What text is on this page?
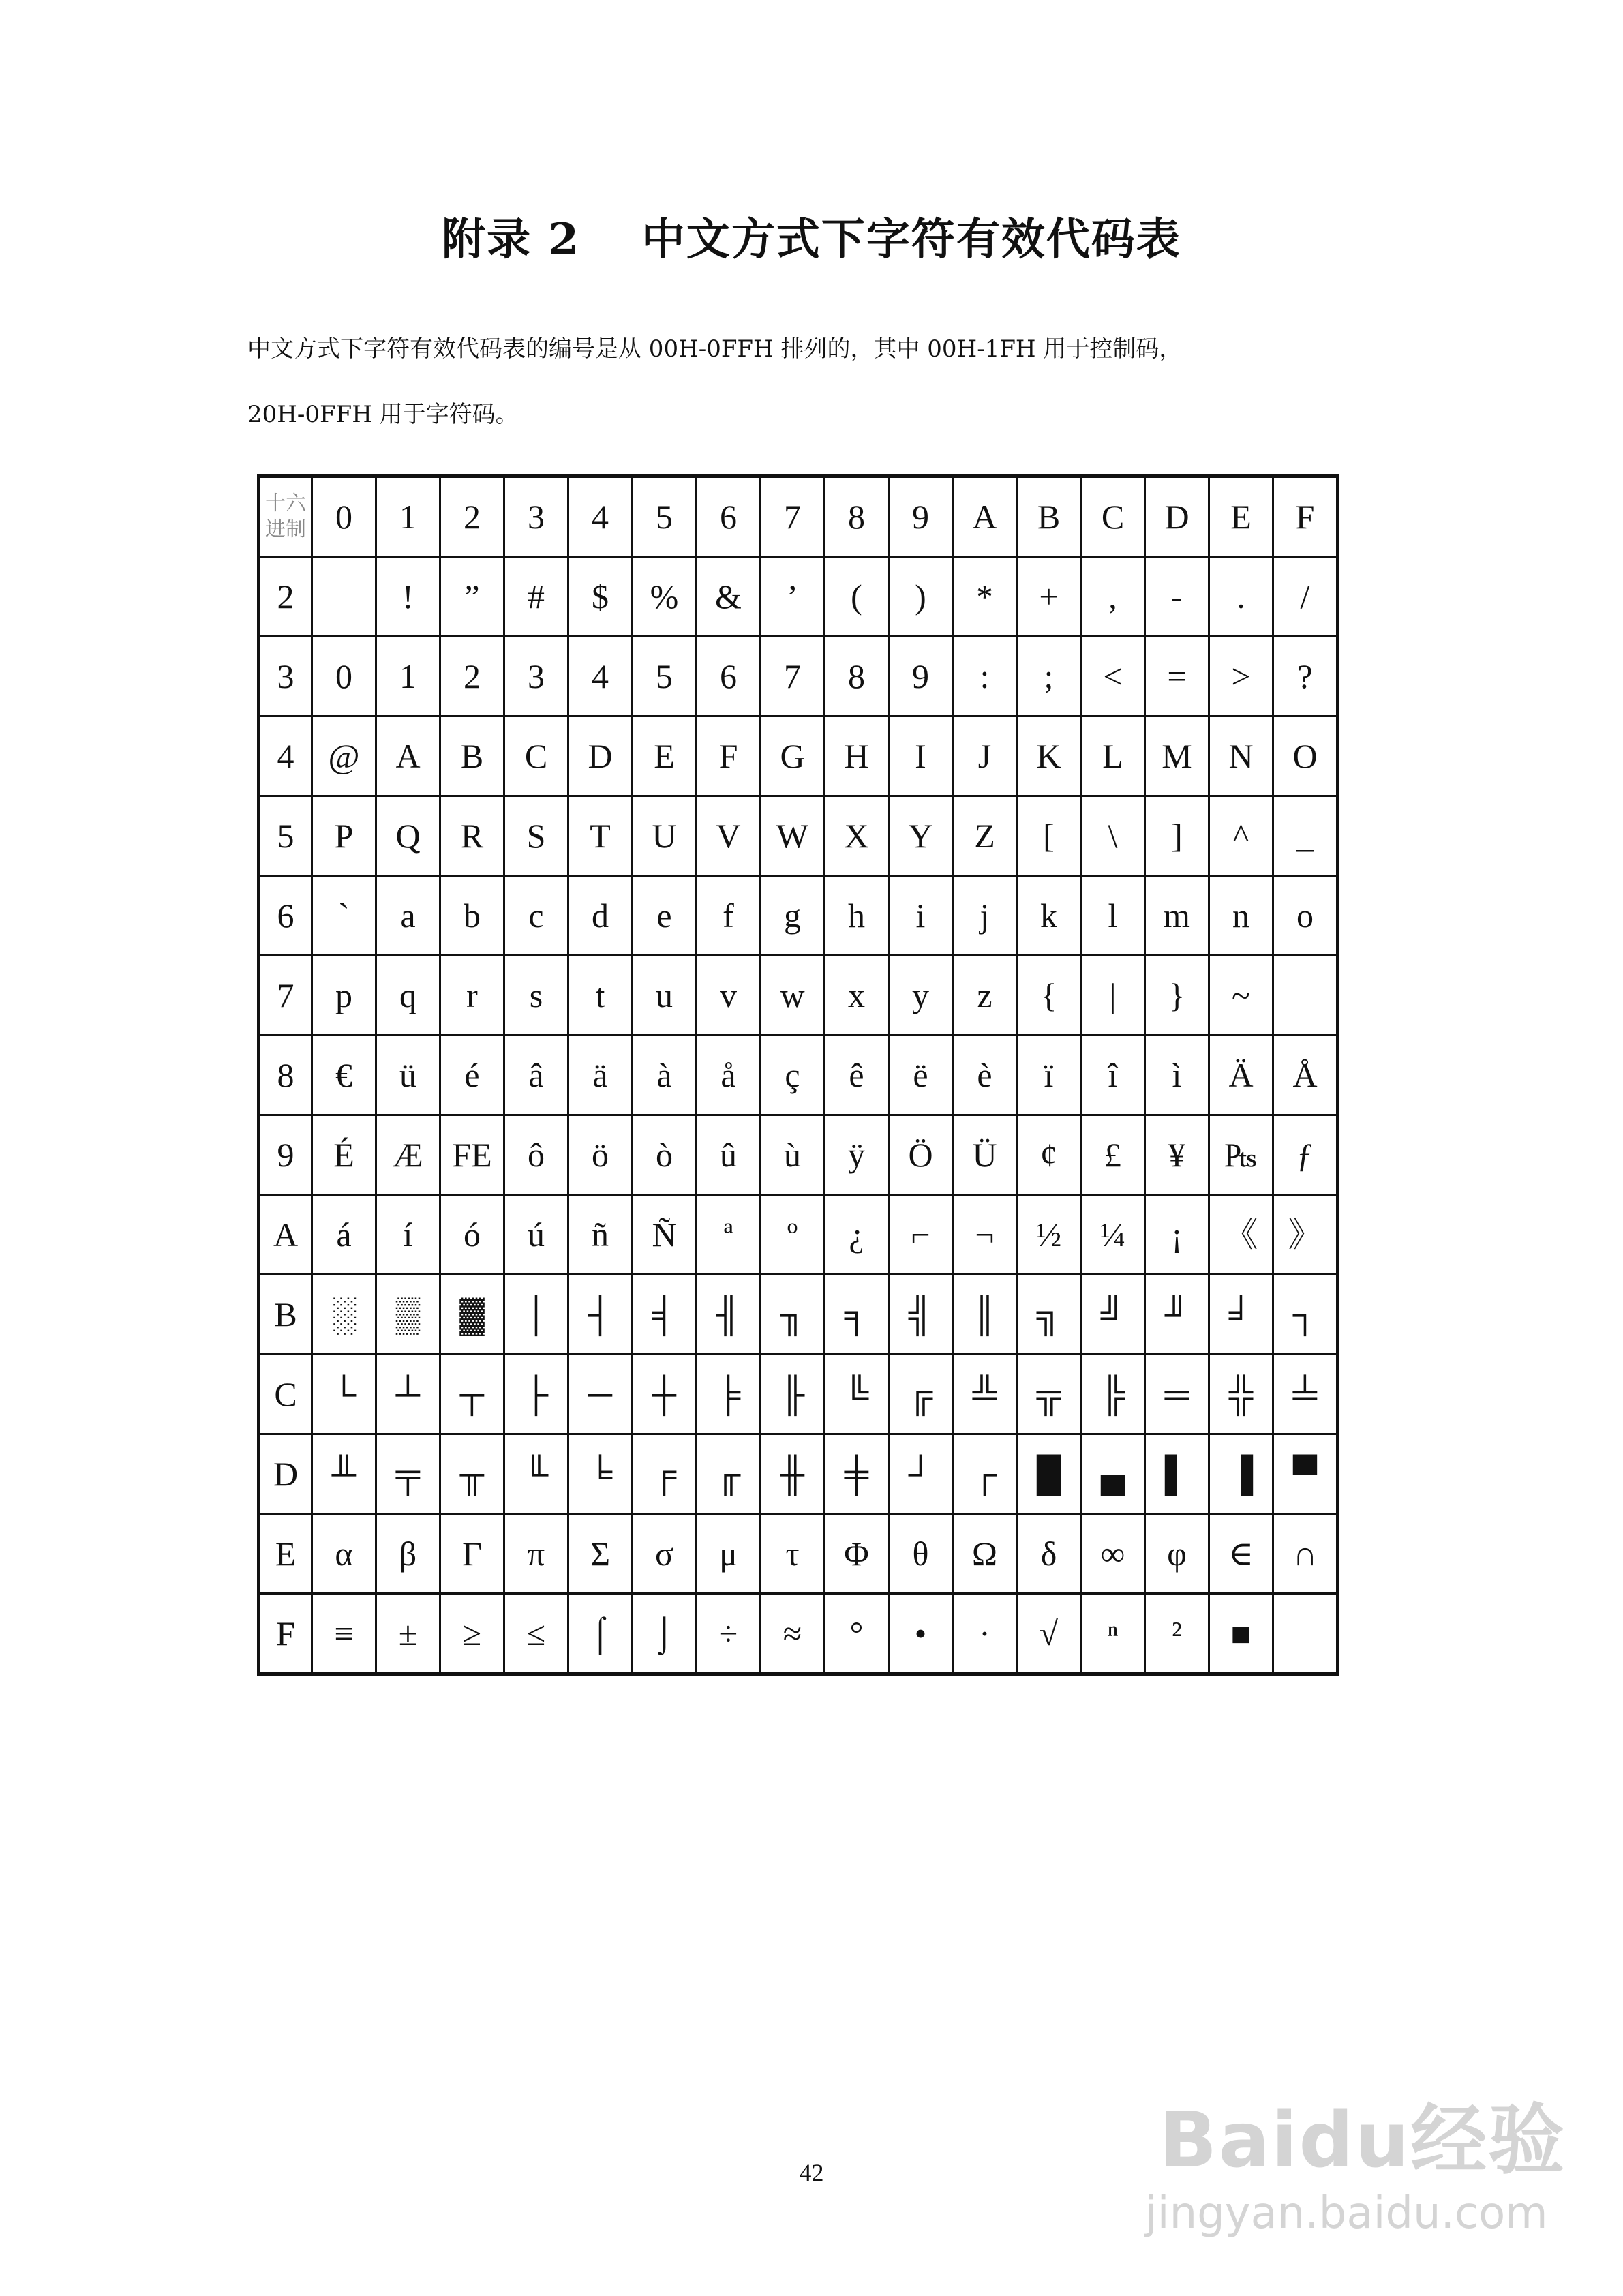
附录 2 中文方式下字符有效代码表
中文方式下字符有效代码表的编号是从 00H-0FFH 排列的，其中 00H-1FH 用于控制码，
20H-0FFH 用于字符码。
十六
进制	0	1	2	3	4	5	6	7	8	9	A	B	C	D	E	F
2		!	”	#	$	%	&	’	(	)	*	+	,	-	.	/
3	0	1	2	3	4	5	6	7	8	9	:	;	<	=	>	?
4	@	A	B	C	D	E	F	G	H	I	J	K	L	M	N	O
5	P	Q	R	S	T	U	V	W	X	Y	Z	[	\	]	^	_
6	`	a	b	c	d	e	f	g	h	i	j	k	l	m	n	o
7	p	q	r	s	t	u	v	w	x	y	z	{	|	}	~	
8	€	ü	é	â	ä	à	å	ç	ê	ë	è	ï	î	ì	Ä	Å
9	É	Æ	FE	ô	ö	ò	û	ù	ÿ	Ö	Ü	¢	£	¥	₧	ƒ
A	á	í	ó	ú	ñ	Ñ	ª	º	¿	⌐	¬	½	¼	¡	《	》
B	░	▒	▓	│	┤	╡	╢	╖	╕	╣	║	╗	╝	╜	╛	┐
C	└	┴	┬	├	─	┼	╞	╟	╚	╔	╩	╦	╠	═	╬	╧
D	╨	╤	╥	╙	╘	╒	╓	╫	╪	┘	┌	█	▄	▌	▐	▀
E	α	β	Γ	π	Σ	σ	μ	τ	Φ	θ	Ω	δ	∞	φ	∈	∩
F	≡	±	≥	≤	⌠	⌡	÷	≈	°	•	·	√	ⁿ	²	■	
42	Baidu经验
jingyan.baidu.com
